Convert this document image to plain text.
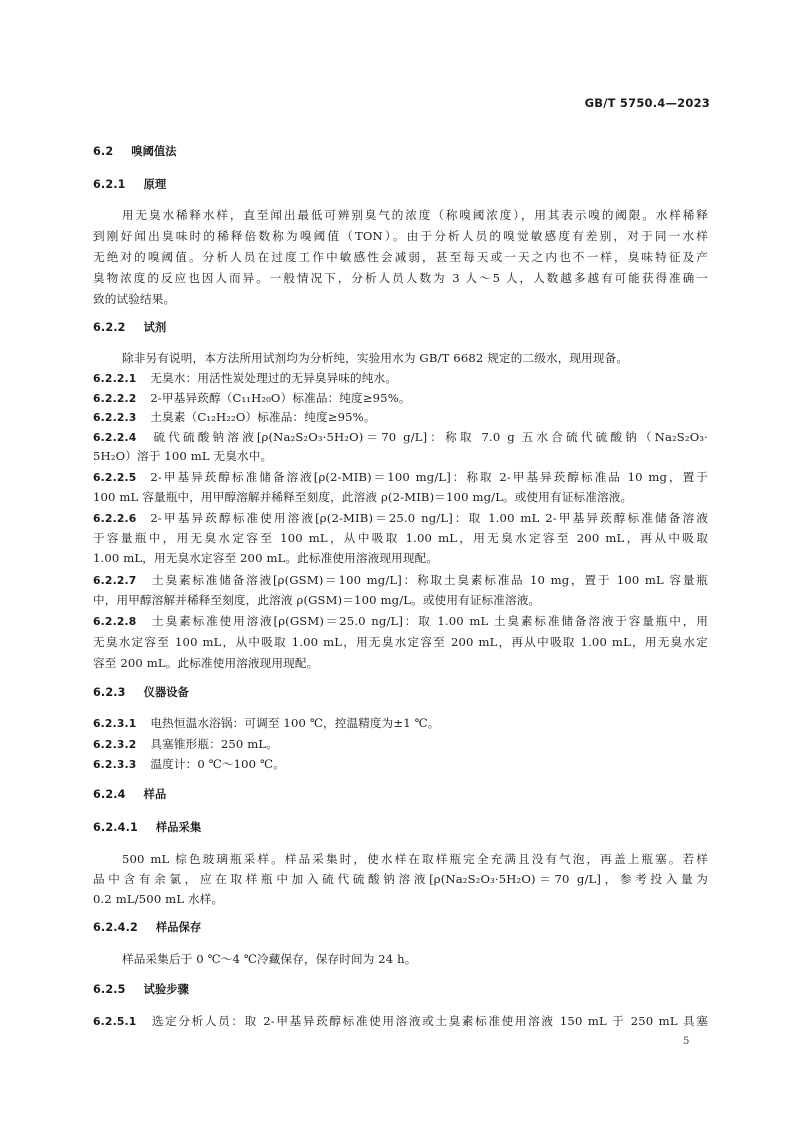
GB/T 5750.4—2023
6.2 嗅阈值法
6.2.1 原理
用无臭水稀释水样，直至闻出最低可辨别臭气的浓度（称嗅阈浓度），用其表示嗅的阈限。水样稀释
到刚好闻出臭味时的稀释倍数称为嗅阈值（TON）。由于分析人员的嗅觉敏感度有差别，对于同一水样
无绝对的嗅阈值。分析人员在过度工作中敏感性会减弱，甚至每天或一天之内也不一样，臭味特征及产
臭物浓度的反应也因人而异。一般情况下，分析人员人数为 3 人～5 人，人数越多越有可能获得准确一
致的试验结果。
6.2.2 试剂
除非另有说明，本方法所用试剂均为分析纯，实验用水为 GB/T 6682 规定的二级水，现用现备。
6.2.2.1 无臭水：用活性炭处理过的无异臭异味的纯水。
6.2.2.2 2-甲基异莰醇（C₁₁H₂₀O）标准品：纯度≥95%。
6.2.2.3 土臭素（C₁₂H₂₂O）标准品：纯度≥95%。
6.2.2.4 硫代硫酸钠溶液[ρ(Na₂S₂O₃·5H₂O)＝70 g/L]：称取 7.0 g 五水合硫代硫酸钠（Na₂S₂O₃·
5H₂O）溶于 100 mL 无臭水中。
6.2.2.5 2-甲基异莰醇标准储备溶液[ρ(2-MIB)＝100 mg/L]：称取 2-甲基异莰醇标准品 10 mg，置于
100 mL 容量瓶中，用甲醇溶解并稀释至刻度，此溶液 ρ(2-MIB)＝100 mg/L。或使用有证标准溶液。
6.2.2.6 2-甲基异莰醇标准使用溶液[ρ(2-MIB)＝25.0 ng/L]：取 1.00 mL 2-甲基异莰醇标准储备溶液
于容量瓶中，用无臭水定容至 100 mL，从中吸取 1.00 mL，用无臭水定容至 200 mL，再从中吸取
1.00 mL，用无臭水定容至 200 mL。此标准使用溶液现用现配。
6.2.2.7 土臭素标准储备溶液[ρ(GSM)＝100 mg/L]：称取土臭素标准品 10 mg，置于 100 mL 容量瓶
中，用甲醇溶解并稀释至刻度，此溶液 ρ(GSM)＝100 mg/L。或使用有证标准溶液。
6.2.2.8 土臭素标准使用溶液[ρ(GSM)＝25.0 ng/L]：取 1.00 mL 土臭素标准储备溶液于容量瓶中，用
无臭水定容至 100 mL，从中吸取 1.00 mL，用无臭水定容至 200 mL，再从中吸取 1.00 mL，用无臭水定
容至 200 mL。此标准使用溶液现用现配。
6.2.3 仪器设备
6.2.3.1 电热恒温水浴锅：可调至 100 ℃，控温精度为±1 ℃。
6.2.3.2 具塞锥形瓶：250 mL。
6.2.3.3 温度计：0 ℃～100 ℃。
6.2.4 样品
6.2.4.1 样品采集
500 mL 棕色玻璃瓶采样。样品采集时，使水样在取样瓶完全充满且没有气泡，再盖上瓶塞。若样
品中含有余氯，应在取样瓶中加入硫代硫酸钠溶液[ρ(Na₂S₂O₃·5H₂O)＝70 g/L]，参考投入量为
0.2 mL/500 mL 水样。
6.2.4.2 样品保存
样品采集后于 0 ℃～4 ℃冷藏保存，保存时间为 24 h。
6.2.5 试验步骤
6.2.5.1 选定分析人员：取 2-甲基异莰醇标准使用溶液或土臭素标准使用溶液 150 mL 于 250 mL 具塞
5
